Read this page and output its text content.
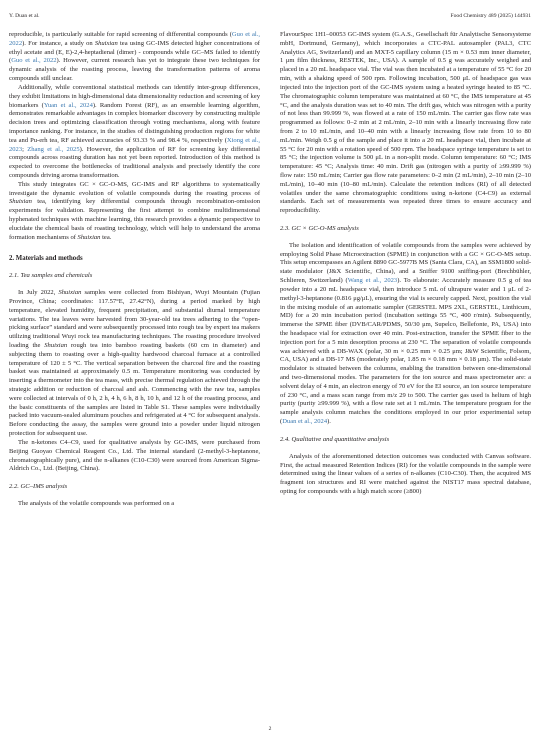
Y. Duan et al.	Food Chemistry 489 (2025) 144931

reproducible, is particularly suitable for rapid screening of differential compounds (Guo et al., 2022). For instance, a study on Shuixian tea using GC-IMS detected higher concentrations of ethyl acetate and (E, E)-2,4-heptadienal (dimer) - compounds while GC–MS failed to identify (Guo et al., 2022). However, current research has yet to integrate these two techniques for dynamic analysis of the roasting process, leaving the transformation patterns of aroma compounds still unclear.

Additionally, while conventional statistical methods can identify inter-group differences, they exhibit limitations in high-dimensional data dimensionality reduction and screening of key biomarkers (Yuan et al., 2024). Random Forest (RF), as an ensemble learning algorithm, demonstrates remarkable advantages in complex biomarker discovery by constructing multiple decision trees and optimizing classification through voting mechanisms, along with feature importance ranking. For instance, in the studies of distinguishing production regions for white tea and Pu-erh tea, RF achieved accuracies of 93.33 % and 98.4 %, respectively (Xiong et al., 2023; Zhang et al., 2025). However, the application of RF for screening key differential compounds across roasting duration has not yet been reported. Introduction of this method is expected to overcome the bottlenecks of traditional analysis and precisely identify the core compounds driving aroma transformation.

This study integrates GC × GC-O-MS, GC-IMS and RF algorithms to systematically investigate the dynamic evolution of volatile compounds during the roasting process of Shuixian tea, identifying key differential compounds through recombination-omission experiments for validation. Representing the first attempt to combine multidimensional hyphenated techniques with machine learning, this research provides a dynamic perspective to elucidate the chemical basis of roasting technology, which will help to understand the aroma formation mechanisms of Shuixian tea.

2. Materials and methods
2.1. Tea samples and chemicals

In July 2022, Shuixian samples were collected from Bishiyan, Wuyi Mountain (Fujian Province, China; coordinates: 117.57°E, 27.42°N), during a period marked by high temperature, elevated humidity, frequent precipitation, and substantial diurnal temperature variations. The tea leaves were harvested from 30-year-old tea trees adhering to the “open-picking surface” standard and were subsequently processed into rough tea by expert tea makers utilizing traditional Wuyi rock tea manufacturing techniques. The roasting procedure involved loading the Shuixian rough tea into bamboo roasting baskets (60 cm in diameter) and subjecting them to roasting over a high-quality hardwood charcoal furnace at a controlled temperature of 120 ± 5 °C. The vertical separation between the charcoal fire and the roasting basket was maintained at approximately 0.5 m. Temperature monitoring was conducted by inserting a thermometer into the tea mass, with precise thermal regulation achieved through the strategic addition or reduction of charcoal and ash. Commencing with the raw tea, samples were collected at intervals of 0 h, 2 h, 4 h, 6 h, 8 h, 10 h, and 12 h of the roasting process, and the basic constituents of the samples are listed in Table S1. These samples were individually packed into vacuum-sealed aluminum pouches and refrigerated at 4 °C for subsequent analysis. Before conducting the assay, the samples were ground into a powder under liquid nitrogen protection for subsequent use.

The n-ketones C4–C9, used for qualitative analysis by GC-IMS, were purchased from Beijing Guoyao Chemical Reagent Co., Ltd. The internal standard (2-methyl-3-heptanone, chromatographically pure), and the n-alkanes (C10-C30) were sourced from American Sigma-Aldrich Co., Ltd. (Beijing, China).

2.2. GC–IMS analysis

The analysis of the volatile compounds was performed on a

FlavourSpec 1H1–00053 GC-IMS system (G.A.S., Gesellschaft für Analytische Sensorsysteme mbH, Dortmund, Germany), which incorporates a CTC-PAL autosampler (PAL3, CTC Analytics AG, Switzerland) and an MXT-5 capillary column (15 m × 0.53 mm inner diameter, 1 μm film thickness, RESTEK, Inc., USA). A sample of 0.5 g was accurately weighed and placed in a 20 mL headspace vial. The vial was then incubated at a temperature of 55 °C for 20 min, with a shaking speed of 500 rpm. Following incubation, 500 μL of headspace gas was injected into the injection port of the GC-IMS system using a heated syringe heated to 85 °C. The chromatographic column temperature was maintained at 60 °C, the IMS temperature at 45 °C, and the analysis duration was set to 40 min. The drift gas, which was nitrogen with a purity of not less than 99.999 %, was flowed at a rate of 150 mL/min. The carrier gas flow rate was programmed as follows: 0–2 min at 2 mL/min, 2–10 min with a linearly increasing flow rate from 2 to 10 mL/min, and 10–40 min with a linearly increasing flow rate from 10 to 80 mL/min. Weigh 0.5 g of the sample and place it into a 20 mL headspace vial, then incubate at 55 °C for 20 min with a rotation speed of 500 rpm. The headspace syringe temperature is set to 85 °C; the injection volume is 500 μL in a non-split mode. Column temperature: 60 °C; IMS temperature: 45 °C; Analysis time: 40 min. Drift gas (nitrogen with a purity of ≥99.999 %) flow rate: 150 mL/min; Carrier gas flow rate parameters: 0–2 min (2 mL/min), 2–10 min (2–10 mL/min), 10–40 min (10–80 mL/min). Calculate the retention indices (RI) of all detected volatiles under the same chromatographic conditions using n-ketone (C4-C9) as external standards. Each set of measurements was repeated three times to ensure accuracy and reproducibility.

2.3. GC × GC-O-MS analysis

The isolation and identification of volatile compounds from the samples were achieved by employing Solid Phase Microextraction (SPME) in conjunction with a GC × GC-O-MS setup. This setup encompasses an Agilent 8890 GC-5977B MS (Santa Clara, CA), an SSM1800 solid-state modulator (J&X Scientific, China), and a Sniffer 9100 sniffing-port (Brechbühler, Schlieren, Switzerland) (Wang et al., 2023). To elaborate: Accurately measure 0.5 g of tea powder into a 20 mL headspace vial, then introduce 5 mL of ultrapure water and 1 μL of 2-methyl-3-heptanone (0.816 μg/μL), ensuring the vial is securely capped. Next, position the vial in the mixing module of an automatic sampler (GERSTEL MPS 2XL, GERSTEL, Linthicum, MD) for a 20 min incubation period (incubation settings 55 °C, 400 r/min). Subsequently, immerse the SPME fiber (DVB/CAR/PDMS, 50/30 μm, Supelco, Bellefonte, PA, USA) into the headspace vial for extraction over 40 min. Post-extraction, transfer the SPME fiber to the injection port for a 5 min desorption process at 230 °C. The separation of volatile compounds was achieved with a DB-WAX (polar, 30 m × 0.25 mm × 0.25 μm; J&W Scientific, Folsom, CA, USA) and a DB-17 MS (moderately polar, 1.85 m × 0.18 mm × 0.18 μm). The solid-state modulator is situated between the columns, enabling the transition between one-dimensional and two-dimensional modes. The parameters for the ion source and mass spectrometer are: a solvent delay of 4 min, an electron energy of 70 eV for the EI source, an ion source temperature of 230 °C, and a mass scan range from m/z 29 to 500. The carrier gas used is helium of high purity (purity ≥99.999 %), with a flow rate set at 1 mL/min. The temperature program for the sample analysis column matches the conditions employed in our prior experimental setup (Duan et al., 2024).

2.4. Qualitative and quantitative analysis

Analysis of the aforementioned detection outcomes was conducted with Canvas software. First, the actual measured Retention Indices (RI) for the volatile compounds in the sample were determined using the linear values of a series of n-alkanes (C10-C30). Then, the acquired MS fragment ion structures and RI were matched against the NIST17 mass spectral database, opting for compounds with a high match score (≥800)

2
